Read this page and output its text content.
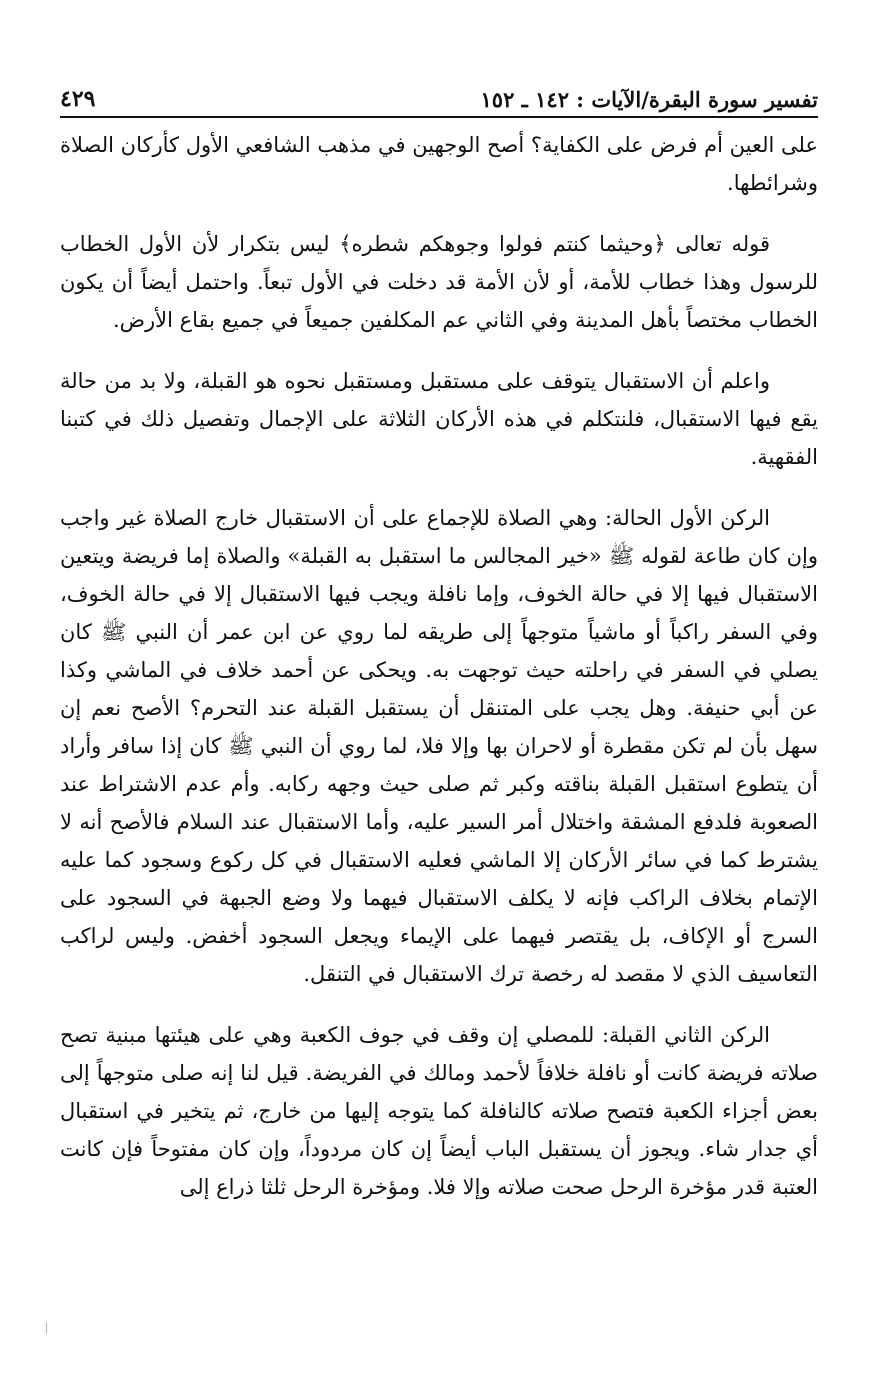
تفسير سورة البقرة/الآيات : ١٤٢ ـ ١٥٢
٤٢٩

على العين أم فرض على الكفاية؟ أصح الوجهين في مذهب الشافعي الأول كأركان الصلاة وشرائطها.

قوله تعالى ﴿وحيثما كنتم فولوا وجوهكم شطره﴾ ليس بتكرار لأن الأول الخطاب للرسول وهذا خطاب للأمة، أو لأن الأمة قد دخلت في الأول تبعاً. واحتمل أيضاً أن يكون الخطاب مختصاً بأهل المدينة وفي الثاني عم المكلفين جميعاً في جميع بقاع الأرض.

واعلم أن الاستقبال يتوقف على مستقبل ومستقبل نحوه هو القبلة، ولا بد من حالة يقع فيها الاستقبال، فلنتكلم في هذه الأركان الثلاثة على الإجمال وتفصيل ذلك في كتبنا الفقهية.

الركن الأول الحالة: وهي الصلاة للإجماع على أن الاستقبال خارج الصلاة غير واجب وإن كان طاعة لقوله ﷺ «خير المجالس ما استقبل به القبلة» والصلاة إما فريضة ويتعين الاستقبال فيها إلا في حالة الخوف، وإما نافلة ويجب فيها الاستقبال إلا في حالة الخوف، وفي السفر راكباً أو ماشياً متوجهاً إلى طريقه لما روي عن ابن عمر أن النبي ﷺ كان يصلي في السفر في راحلته حيث توجهت به. ويحكى عن أحمد خلاف في الماشي وكذا عن أبي حنيفة. وهل يجب على المتنقل أن يستقبل القبلة عند التحرم؟ الأصح نعم إن سهل بأن لم تكن مقطرة أو لاحران بها وإلا فلا، لما روي أن النبي ﷺ كان إذا سافر وأراد أن يتطوع استقبل القبلة بناقته وكبر ثم صلى حيث وجهه ركابه. وأم عدم الاشتراط عند الصعوبة فلدفع المشقة واختلال أمر السير عليه، وأما الاستقبال عند السلام فالأصح أنه لا يشترط كما في سائر الأركان إلا الماشي فعليه الاستقبال في كل ركوع وسجود كما عليه الإتمام بخلاف الراكب فإنه لا يكلف الاستقبال فيهما ولا وضع الجبهة في السجود على السرج أو الإكاف، بل يقتصر فيهما على الإيماء ويجعل السجود أخفض. وليس لراكب التعاسيف الذي لا مقصد له رخصة ترك الاستقبال في التنقل.

الركن الثاني القبلة: للمصلي إن وقف في جوف الكعبة وهي على هيئتها مبنية تصح صلاته فريضة كانت أو نافلة خلافاً لأحمد ومالك في الفريضة. قيل لنا إنه صلى متوجهاً إلى بعض أجزاء الكعبة فتصح صلاته كالنافلة كما يتوجه إليها من خارج، ثم يتخير في استقبال أي جدار شاء. ويجوز أن يستقبل الباب أيضاً إن كان مردوداً، وإن كان مفتوحاً فإن كانت العتبة قدر مؤخرة الرحل صحت صلاته وإلا فلا. ومؤخرة الرحل ثلثا ذراع إلى
